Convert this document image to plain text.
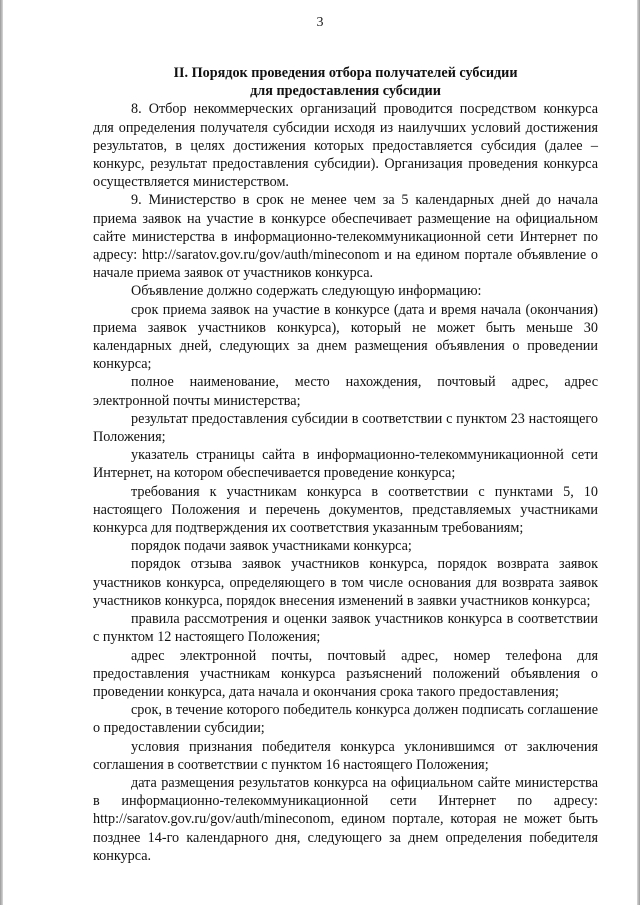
3
II. Порядок проведения отбора получателей субсидии
для предоставления субсидии

8. Отбор некоммерческих организаций проводится посредством конкурса для определения получателя субсидии исходя из наилучших условий достижения результатов, в целях достижения которых предоставляется субсидия (далее – конкурс, результат предоставления субсидии). Организация проведения конкурса осуществляется министерством.

9. Министерство в срок не менее чем за 5 календарных дней до начала приема заявок на участие в конкурсе обеспечивает размещение на официальном сайте министерства в информационно-телекоммуникационной сети Интернет по адресу: http://saratov.gov.ru/gov/auth/mineconom и на едином портале объявление о начале приема заявок от участников конкурса.

Объявление должно содержать следующую информацию:

срок приема заявок на участие в конкурсе (дата и время начала (окончания) приема заявок участников конкурса), который не может быть меньше 30 календарных дней, следующих за днем размещения объявления о проведении конкурса;

полное наименование, место нахождения, почтовый адрес, адрес электронной почты министерства;

результат предоставления субсидии в соответствии с пунктом 23 настоящего Положения;

указатель страницы сайта в информационно-телекоммуникационной сети Интернет, на котором обеспечивается проведение конкурса;

требования к участникам конкурса в соответствии с пунктами 5, 10 настоящего Положения и перечень документов, представляемых участниками конкурса для подтверждения их соответствия указанным требованиям;

порядок подачи заявок участниками конкурса;

порядок отзыва заявок участников конкурса, порядок возврата заявок участников конкурса, определяющего в том числе основания для возврата заявок участников конкурса, порядок внесения изменений в заявки участников конкурса;

правила рассмотрения и оценки заявок участников конкурса в соответствии с пунктом 12 настоящего Положения;

адрес электронной почты, почтовый адрес, номер телефона для предоставления участникам конкурса разъяснений положений объявления о проведении конкурса, дата начала и окончания срока такого предоставления;

срок, в течение которого победитель конкурса должен подписать соглашение о предоставлении субсидии;

условия признания победителя конкурса уклонившимся от заключения соглашения в соответствии с пунктом 16 настоящего Положения;

дата размещения результатов конкурса на официальном сайте министерства в информационно-телекоммуникационной сети Интернет по адресу: http://saratov.gov.ru/gov/auth/mineconom, едином портале, которая не может быть позднее 14-го календарного дня, следующего за днем определения победителя конкурса.
